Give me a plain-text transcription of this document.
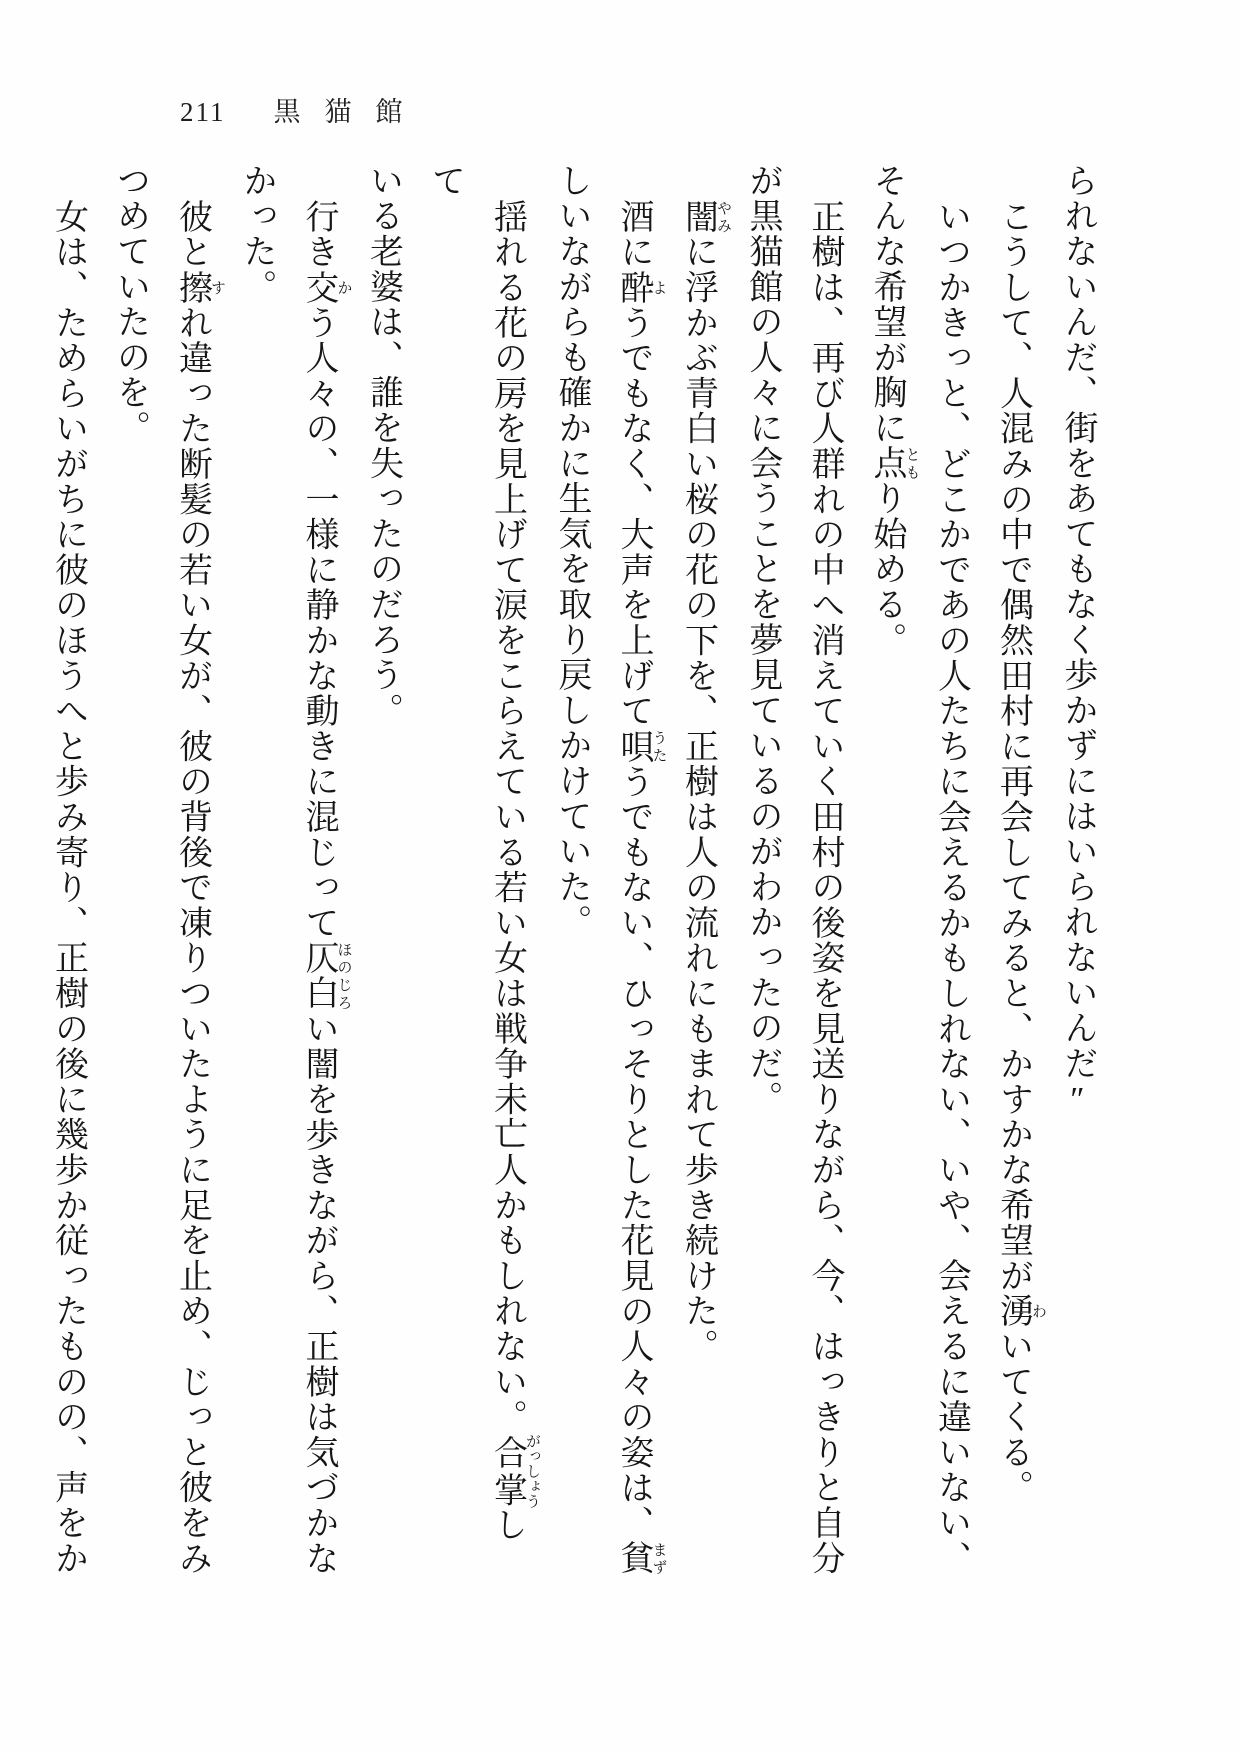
211 黒猫館
られないんだ、街をあてもなく歩かずにはいられないんだ″
こうして、人混みの中で偶然田村に再会してみると、かすかな希望が湧わいてくる。
いつかきっと、どこかであの人たちに会えるかもしれない、いや、会えるに違いない、
そんな希望が胸に点ともり始める。
正樹は、再び人群れの中へ消えていく田村の後姿を見送りながら、今、はっきりと自分
が黒猫館の人々に会うことを夢見ているのがわかったのだ。
闇やみに浮かぶ青白い桜の花の下を、正樹は人の流れにもまれて歩き続けた。
酒に酔ようでもなく、大声を上げて唄うたうでもない、ひっそりとした花見の人々の姿は、貧まず
しいながらも確かに生気を取り戻しかけていた。
揺れる花の房を見上げて涙をこらえている若い女は戦争未亡人かもしれない。合掌がっしょうして
いる老婆は、誰を失ったのだろう。
行き交かう人々の、一様に静かな動きに混じって仄白ほのじろい闇を歩きながら、正樹は気づかな
かった。
彼と擦すれ違った断髪の若い女が、彼の背後で凍りついたように足を止め、じっと彼をみ
つめていたのを。
女は、ためらいがちに彼のほうへと歩み寄り、正樹の後に幾歩か従ったものの、声をか
